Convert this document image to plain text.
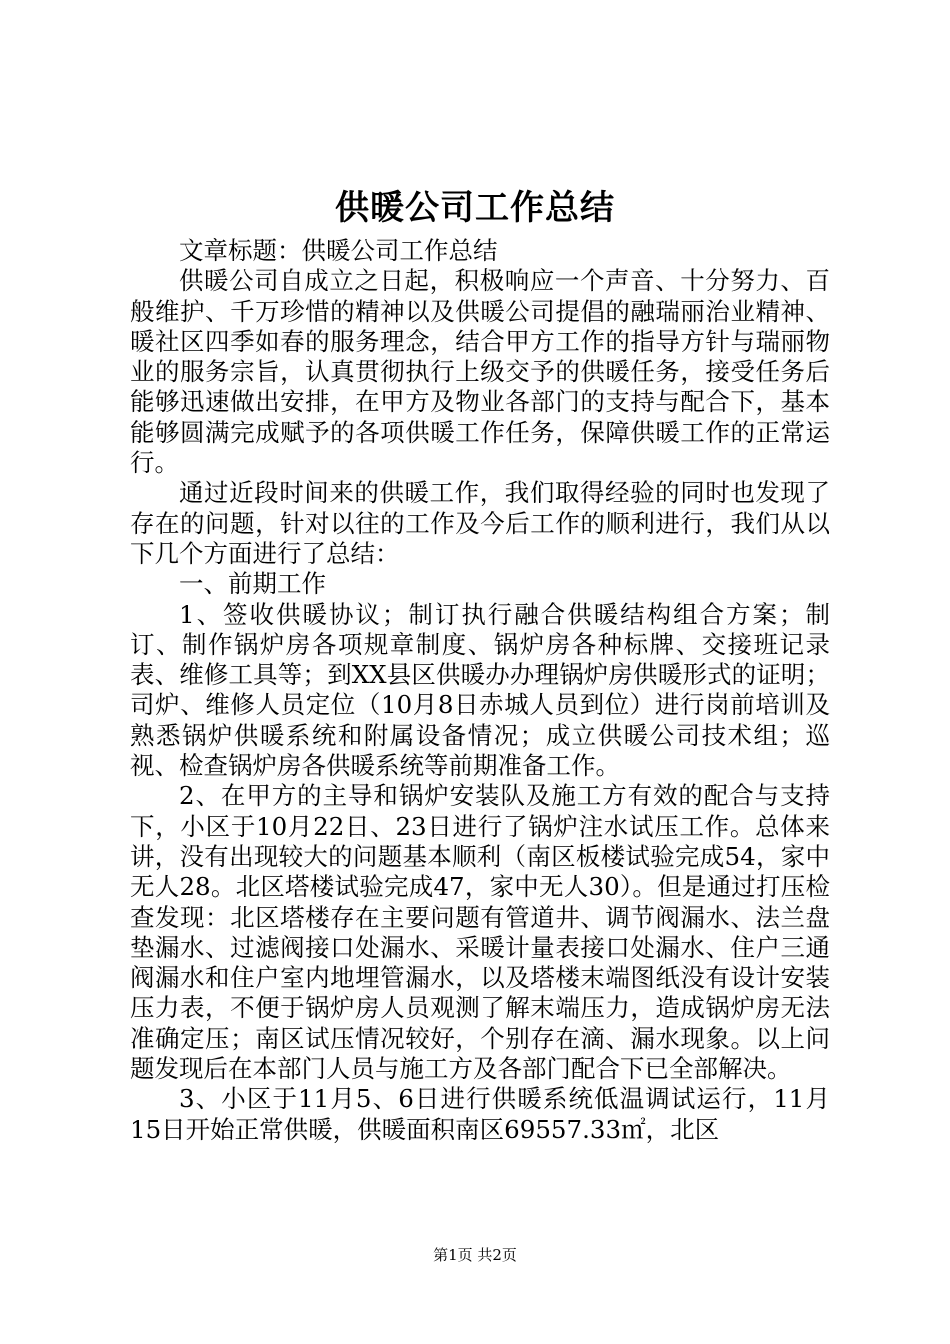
供暖公司工作总结

文章标题：供暖公司工作总结

供暖公司自成立之日起，积极响应一个声音、十分努力、百般维护、千万珍惜的精神以及供暖公司提倡的融瑞丽治业精神、暖社区四季如春的服务理念，结合甲方工作的指导方针与瑞丽物业的服务宗旨，认真贯彻执行上级交予的供暖任务，接受任务后能够迅速做出安排，在甲方及物业各部门的支持与配合下，基本能够圆满完成赋予的各项供暖工作任务，保障供暖工作的正常运行。

通过近段时间来的供暖工作，我们取得经验的同时也发现了存在的问题，针对以往的工作及今后工作的顺利进行，我们从以下几个方面进行了总结：

一、前期工作

1、签收供暖协议；制订执行融合供暖结构组合方案；制订、制作锅炉房各项规章制度、锅炉房各种标牌、交接班记录表、维修工具等；到XX县区供暖办办理锅炉房供暖形式的证明；司炉、维修人员定位（10月8日赤城人员到位）进行岗前培训及熟悉锅炉供暖系统和附属设备情况；成立供暖公司技术组；巡视、检查锅炉房各供暖系统等前期准备工作。

2、在甲方的主导和锅炉安装队及施工方有效的配合与支持下，小区于10月22日、23日进行了锅炉注水试压工作。总体来讲，没有出现较大的问题基本顺利（南区板楼试验完成54，家中无人28。北区塔楼试验完成47，家中无人30）。但是通过打压检查发现：北区塔楼存在主要问题有管道井、调节阀漏水、法兰盘垫漏水、过滤阀接口处漏水、采暖计量表接口处漏水、住户三通阀漏水和住户室内地埋管漏水，以及塔楼末端图纸没有设计安装压力表，不便于锅炉房人员观测了解末端压力，造成锅炉房无法准确定压；南区试压情况较好，个别存在滴、漏水现象。以上问题发现后在本部门人员与施工方及各部门配合下已全部解决。

3、小区于11月5、6日进行供暖系统低温调试运行，11月15日开始正常供暖，供暖面积南区69557.33㎡，北区

第1页 共2页
